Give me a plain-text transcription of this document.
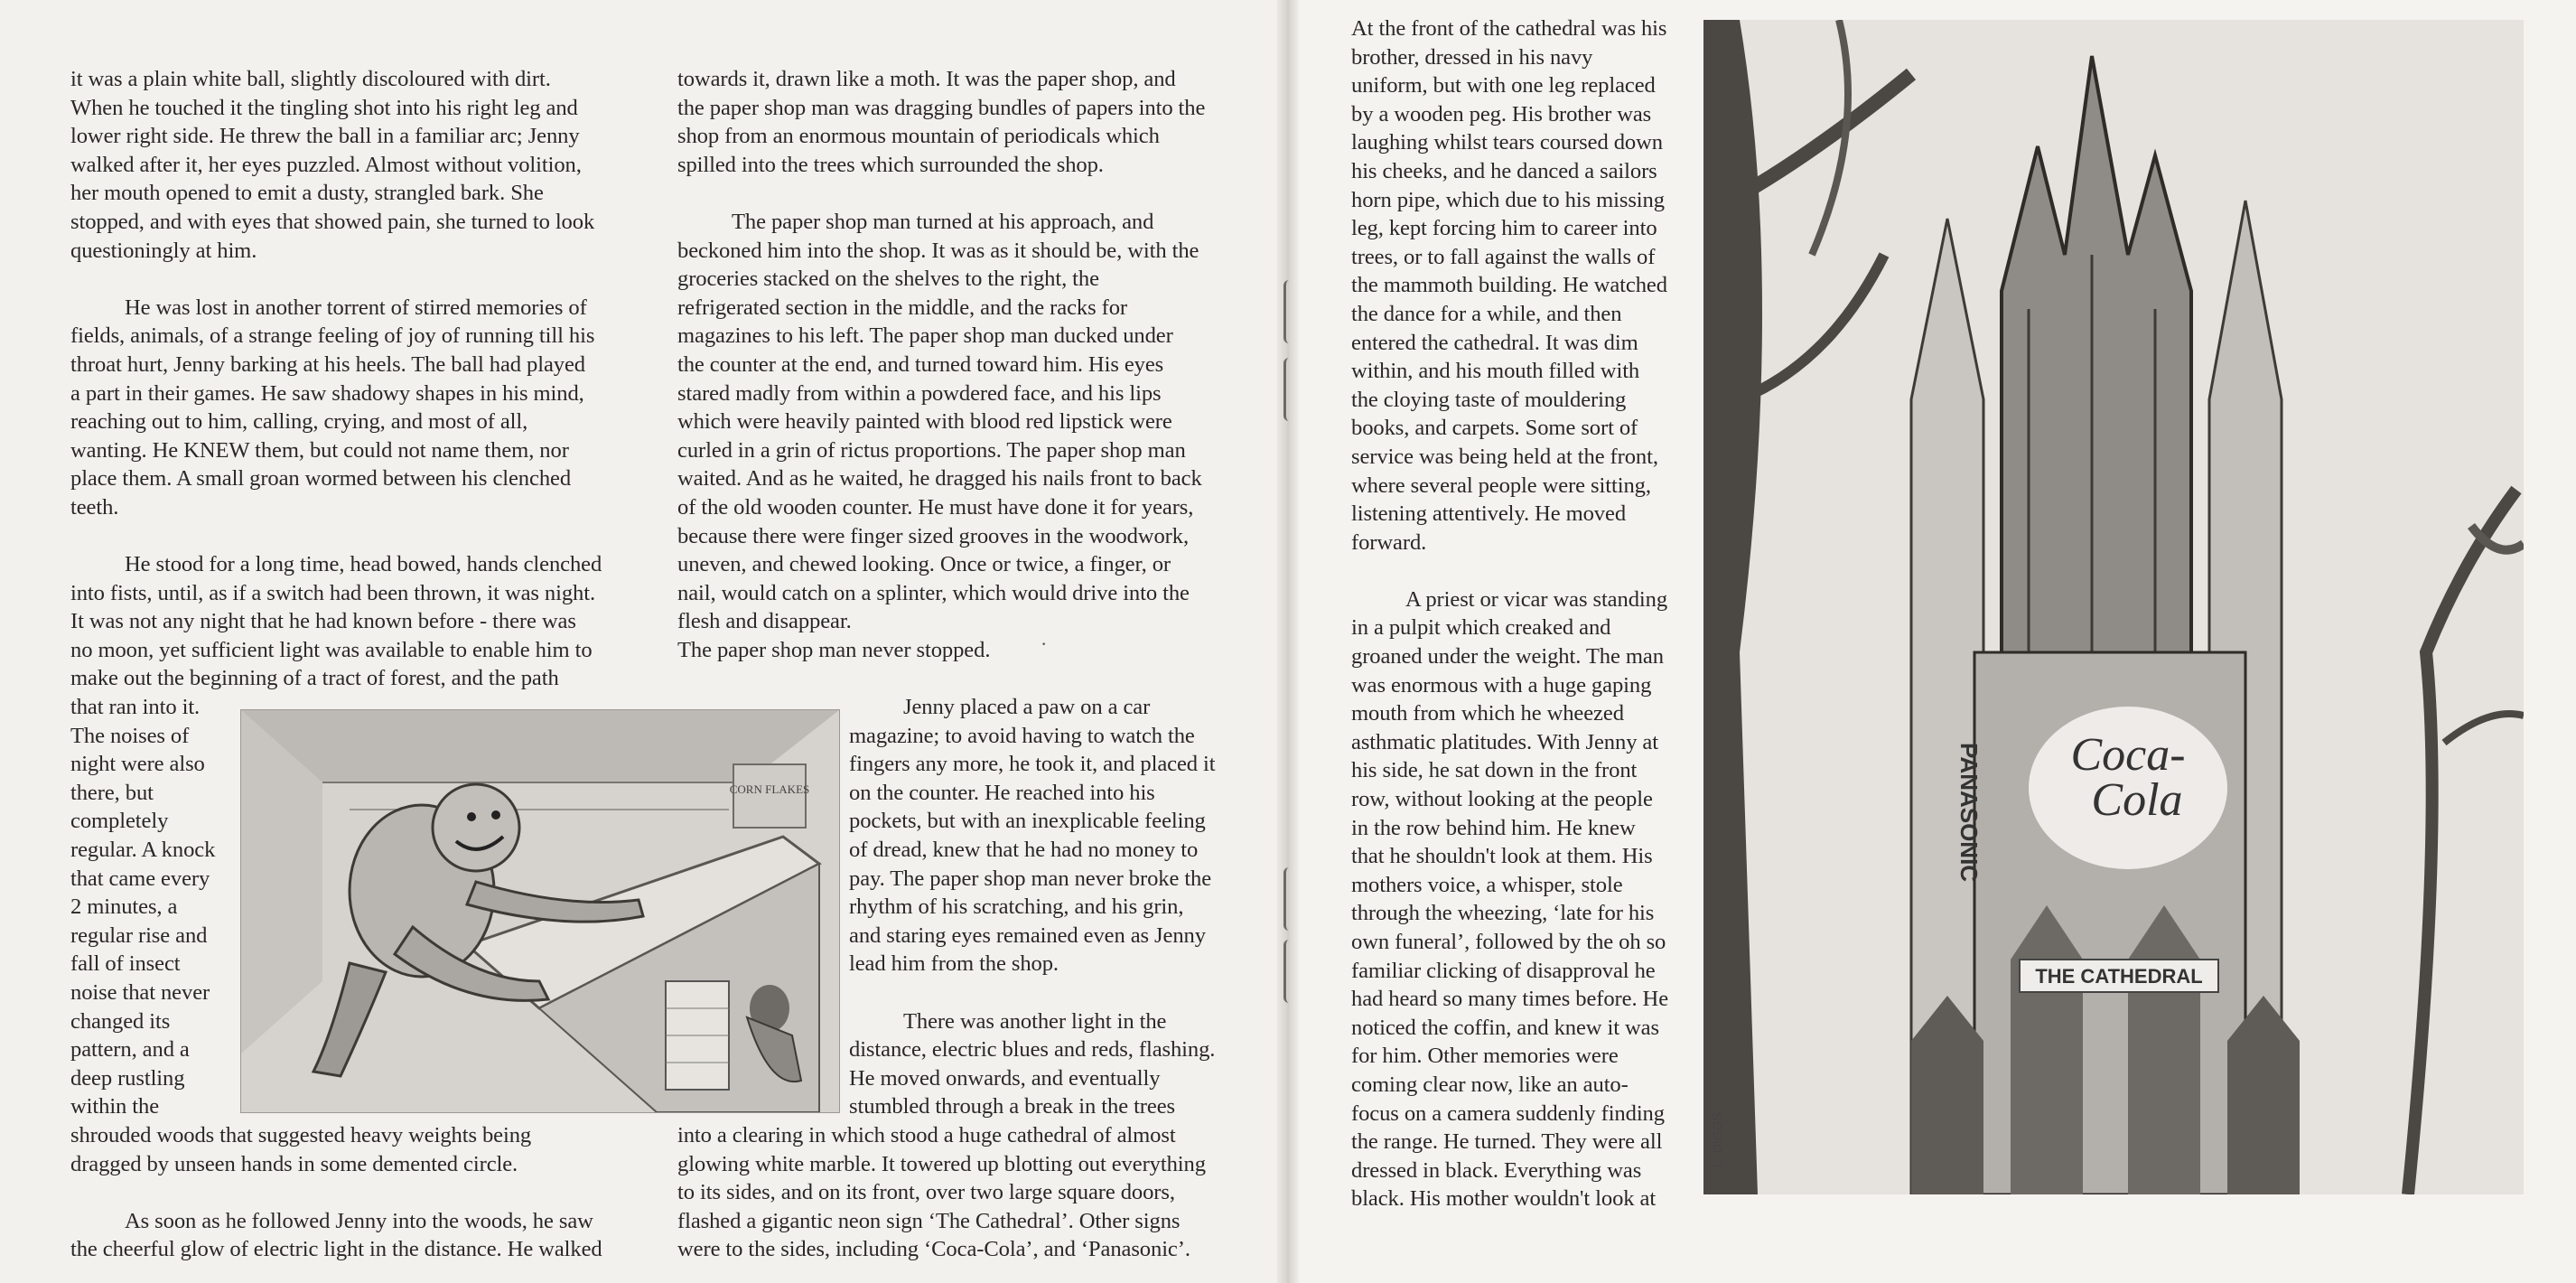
it was a plain white ball, slightly discoloured with dirt.
When he touched it the tingling shot into his right leg and
lower right side. He threw the ball in a familiar arc; Jenny
walked after it, her eyes puzzled. Almost without volition,
her mouth opened to emit a dusty, strangled bark. She
stopped, and with eyes that showed pain, she turned to look
questioningly at him.
He was lost in another torrent of stirred memories of
fields, animals, of a strange feeling of joy of running till his
throat hurt, Jenny barking at his heels. The ball had played
a part in their games. He saw shadowy shapes in his mind,
reaching out to him, calling, crying, and most of all,
wanting. He KNEW them, but could not name them, nor
place them. A small groan wormed between his clenched
teeth.
He stood for a long time, head bowed, hands clenched
into fists, until, as if a switch had been thrown, it was night.
It was not any night that he had known before - there was
no moon, yet sufficient light was available to enable him to
make out the beginning of a tract of forest, and the path
that ran into it.
The noises of
night were also
there, but
completely
regular. A knock
that came every
2 minutes, a
regular rise and
fall of insect
noise that never
changed its
pattern, and a
deep rustling
within the
shrouded woods that suggested heavy weights being
dragged by unseen hands in some demented circle.
As soon as he followed Jenny into the woods, he saw
the cheerful glow of electric light in the distance. He walked
towards it, drawn like a moth. It was the paper shop, and
the paper shop man was dragging bundles of papers into the
shop from an enormous mountain of periodicals which
spilled into the trees which surrounded the shop.
The paper shop man turned at his approach, and
beckoned him into the shop. It was as it should be, with the
groceries stacked on the shelves to the right, the
refrigerated section in the middle, and the racks for
magazines to his left. The paper shop man ducked under
the counter at the end, and turned toward him. His eyes
stared madly from within a powdered face, and his lips
which were heavily painted with blood red lipstick were
curled in a grin of rictus proportions. The paper shop man
waited. And as he waited, he dragged his nails front to back
of the old wooden counter. He must have done it for years,
because there were finger sized grooves in the woodwork,
uneven, and chewed looking. Once or twice, a finger, or
nail, would catch on a splinter, which would drive into the
flesh and disappear.
The paper shop man never stopped.
Jenny placed a paw on a car
magazine; to avoid having to watch the
fingers any more, he took it, and placed it
on the counter. He reached into his
pockets, but with an inexplicable feeling
of dread, knew that he had no money to
pay. The paper shop man never broke the
rhythm of his scratching, and his grin,
and staring eyes remained even as Jenny
lead him from the shop.
There was another light in the
distance, electric blues and reds, flashing.
He moved onwards, and eventually
stumbled through a break in the trees
into a clearing in which stood a huge cathedral of almost
glowing white marble. It towered up blotting out everything
to its sides, and on its front, over two large square doors,
flashed a gigantic neon sign ‘The Cathedral’. Other signs
were to the sides, including ‘Coca-Cola’, and ‘Panasonic’.
·
CORN FLAKES
At the front of the cathedral was his
brother, dressed in his navy
uniform, but with one leg replaced
by a wooden peg. His brother was
laughing whilst tears coursed down
his cheeks, and he danced a sailors
horn pipe, which due to his missing
leg, kept forcing him to career into
trees, or to fall against the walls of
the mammoth building. He watched
the dance for a while, and then
entered the cathedral. It was dim
within, and his mouth filled with
the cloying taste of mouldering
books, and carpets. Some sort of
service was being held at the front,
where several people were sitting,
listening attentively. He moved
forward.
A priest or vicar was standing
in a pulpit which creaked and
groaned under the weight. The man
was enormous with a huge gaping
mouth from which he wheezed
asthmatic platitudes. With Jenny at
his side, he sat down in the front
row, without looking at the people
in the row behind him. He knew
that he shouldn't look at them. His
mothers voice, a whisper, stole
through the wheezing, ‘late for his
own funeral’, followed by the oh so
familiar clicking of disapproval he
had heard so many times before. He
noticed the coffin, and knew it was
for him. Other memories were
coming clear now, like an auto-
focus on a camera suddenly finding
the range. He turned. They were all
dressed in black. Everything was
black. His mother wouldn't look at
Coca-
Cola
PANASONIC
THE CATHEDRAL
L. DIGGS
